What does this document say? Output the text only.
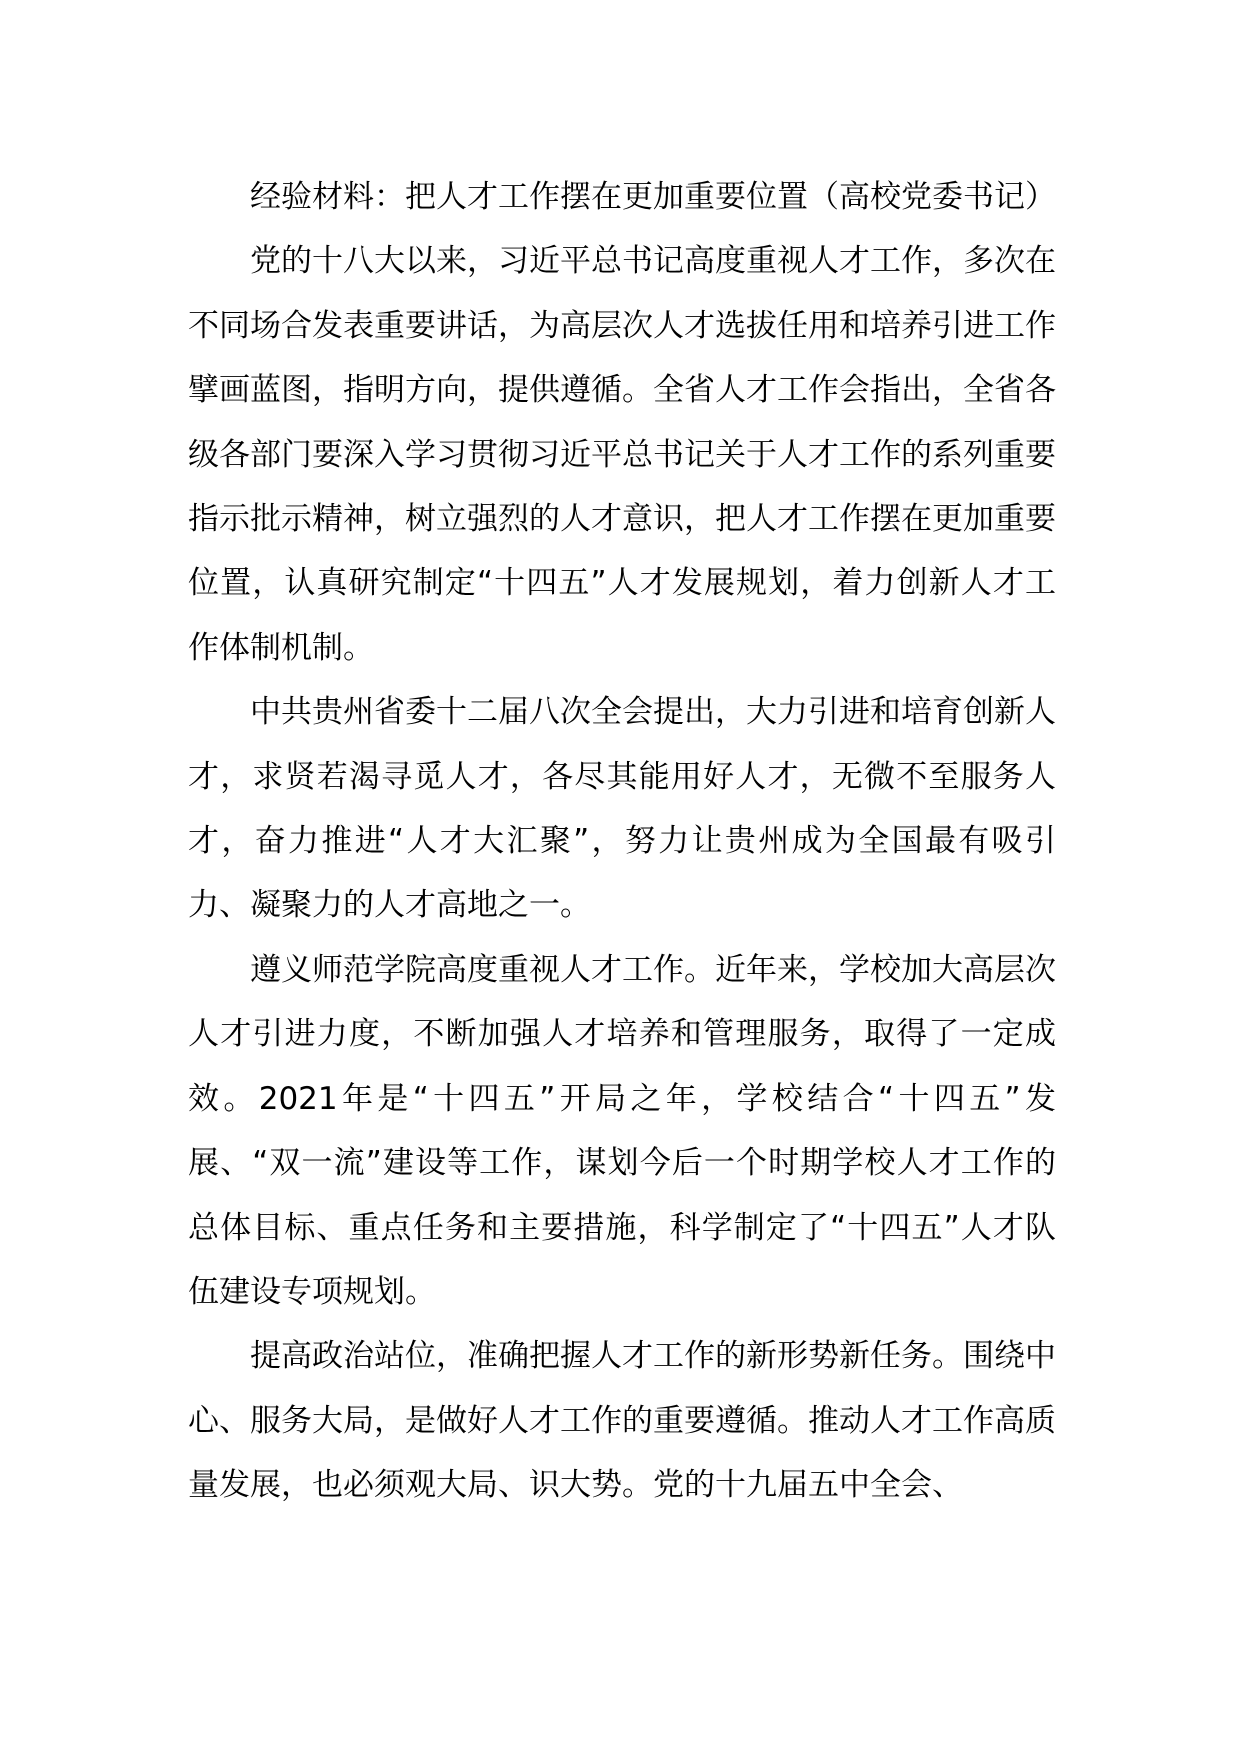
经验材料：把人才工作摆在更加重要位置（高校党委书记）

党的十八大以来，习近平总书记高度重视人才工作，多次在不同场合发表重要讲话，为高层次人才选拔任用和培养引进工作擘画蓝图，指明方向，提供遵循。全省人才工作会指出，全省各级各部门要深入学习贯彻习近平总书记关于人才工作的系列重要指示批示精神，树立强烈的人才意识，把人才工作摆在更加重要位置，认真研究制定“十四五”人才发展规划，着力创新人才工作体制机制。

中共贵州省委十二届八次全会提出，大力引进和培育创新人才，求贤若渴寻觅人才，各尽其能用好人才，无微不至服务人才，奋力推进“人才大汇聚”，努力让贵州成为全国最有吸引力、凝聚力的人才高地之一。

遵义师范学院高度重视人才工作。近年来，学校加大高层次人才引进力度，不断加强人才培养和管理服务，取得了一定成效。2021年是“十四五”开局之年，学校结合“十四五”发展、“双一流”建设等工作，谋划今后一个时期学校人才工作的总体目标、重点任务和主要措施，科学制定了“十四五”人才队伍建设专项规划。

提高政治站位，准确把握人才工作的新形势新任务。围绕中心、服务大局，是做好人才工作的重要遵循。推动人才工作高质量发展，也必须观大局、识大势。党的十九届五中全会、
